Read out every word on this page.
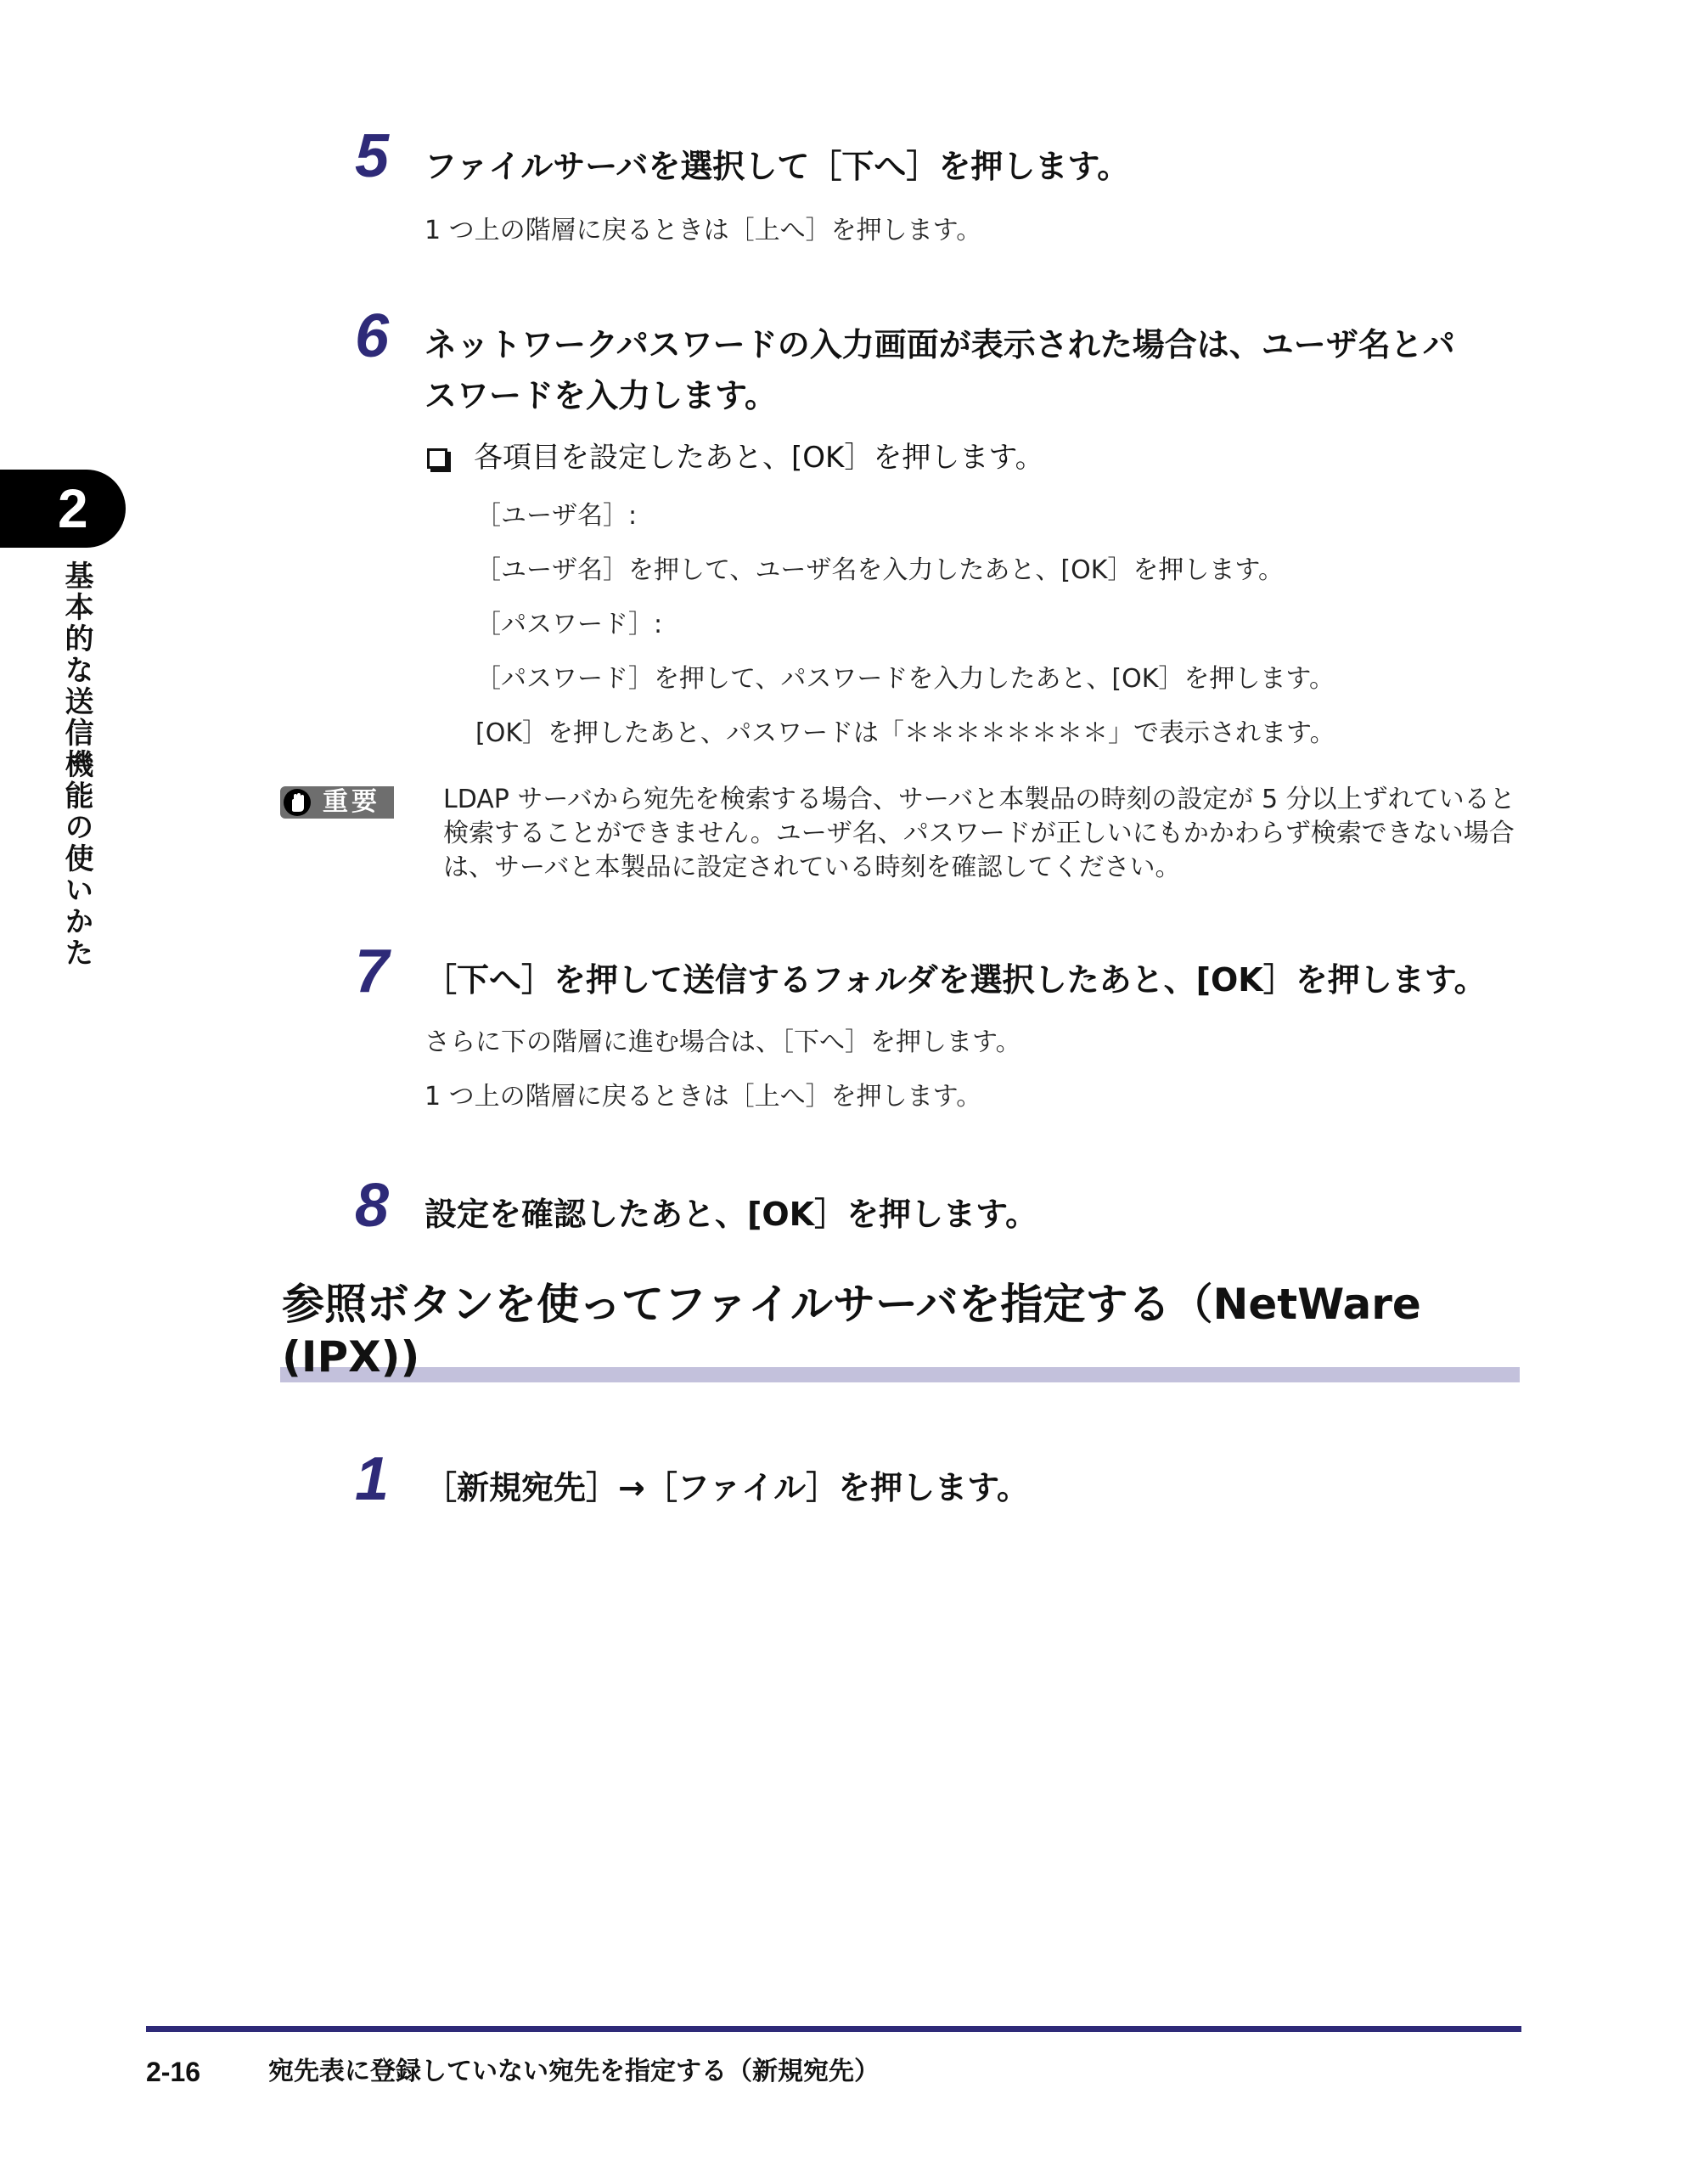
2
基本的な送信機能の使いかた
5 ファイルサーバを選択して［下へ］を押します。
1 つ上の階層に戻るときは［上へ］を押します。
6 ネットワークパスワードの入力画面が表示された場合は、ユーザ名とパ
スワードを入力します。
各項目を設定したあと、[OK］を押します。
［ユーザ名］:
［ユーザ名］を押して、ユーザ名を入力したあと、[OK］を押します。
［パスワード］:
［パスワード］を押して、パスワードを入力したあと、[OK］を押します。
[OK］を押したあと、パスワードは「＊＊＊＊＊＊＊＊」で表示されます。
重要 LDAP サーバから宛先を検索する場合、サーバと本製品の時刻の設定が 5 分以上ずれていると検索することができません。ユーザ名、パスワードが正しいにもかかわらず検索できない場合は、サーバと本製品に設定されている時刻を確認してください。
7 ［下へ］を押して送信するフォルダを選択したあと、[OK］を押します。
さらに下の階層に進む場合は、［下へ］を押します。
1 つ上の階層に戻るときは［上へ］を押します。
8 設定を確認したあと、[OK］を押します。
参照ボタンを使ってファイルサーバを指定する（NetWare
(IPX))
1 ［新規宛先］→［ファイル］を押します。
2-16	宛先表に登録していない宛先を指定する（新規宛先）
